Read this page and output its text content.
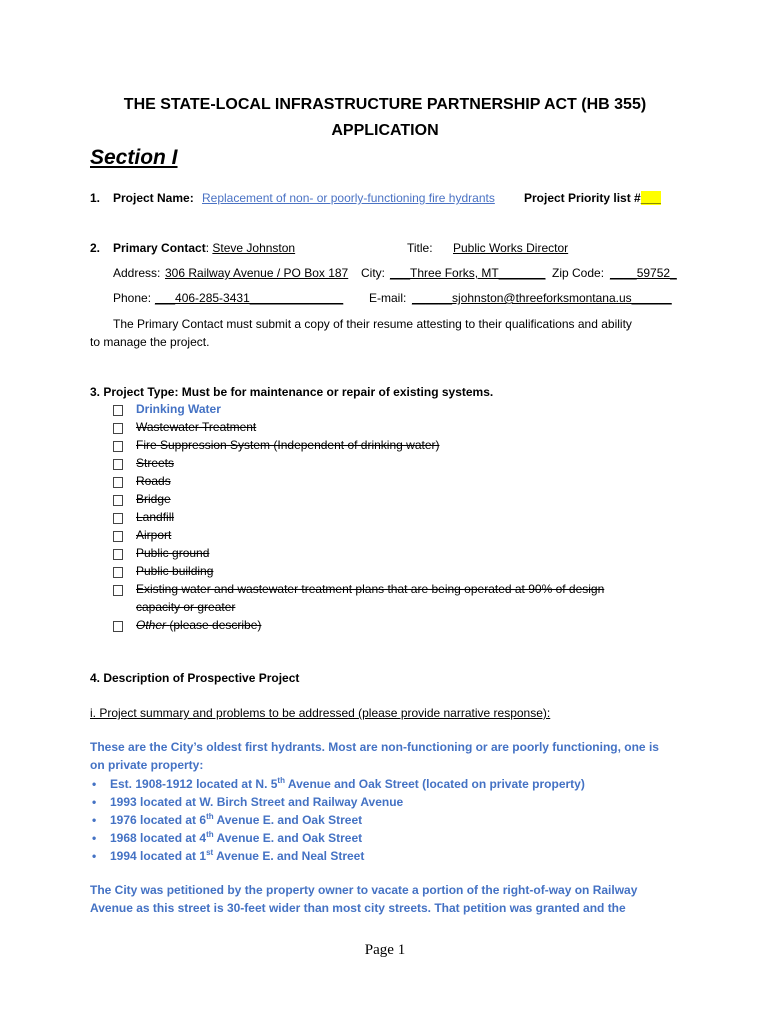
THE STATE-LOCAL INFRASTRUCTURE PARTNERSHIP ACT (HB 355)
APPLICATION
Section I
1. Project Name: Replacement of non- or poorly-functioning fire hydrants Project Priority list #___
2. Primary Contact: Steve Johnston	Title: Public Works Director
Address: 306 Railway Avenue / PO Box 187 City: ___Three Forks, MT_______ Zip Code: ____59752_
Phone: ___406-285-3431______________ E-mail: ______sjohnston@threeforksmontana.us______
The Primary Contact must submit a copy of their resume attesting to their qualifications and ability
to manage the project.
3. Project Type: Must be for maintenance or repair of existing systems.
Drinking Water
Wastewater Treatment
Fire Suppression System (Independent of drinking water)
Streets
Roads
Bridge
Landfill
Airport
Public ground
Public building
Existing water and wastewater treatment plans that are being operated at 90% of design
capacity or greater
Other (please describe)
4. Description of Prospective Project
i. Project summary and problems to be addressed (please provide narrative response):
These are the City’s oldest first hydrants. Most are non-functioning or are poorly functioning, one is
on private property:
• Est. 1908-1912 located at N. 5th Avenue and Oak Street (located on private property)
• 1993 located at W. Birch Street and Railway Avenue
• 1976 located at 6th Avenue E. and Oak Street
• 1968 located at 4th Avenue E. and Oak Street
• 1994 located at 1st Avenue E. and Neal Street
The City was petitioned by the property owner to vacate a portion of the right-of-way on Railway
Avenue as this street is 30-feet wider than most city streets. That petition was granted and the
Page 1
